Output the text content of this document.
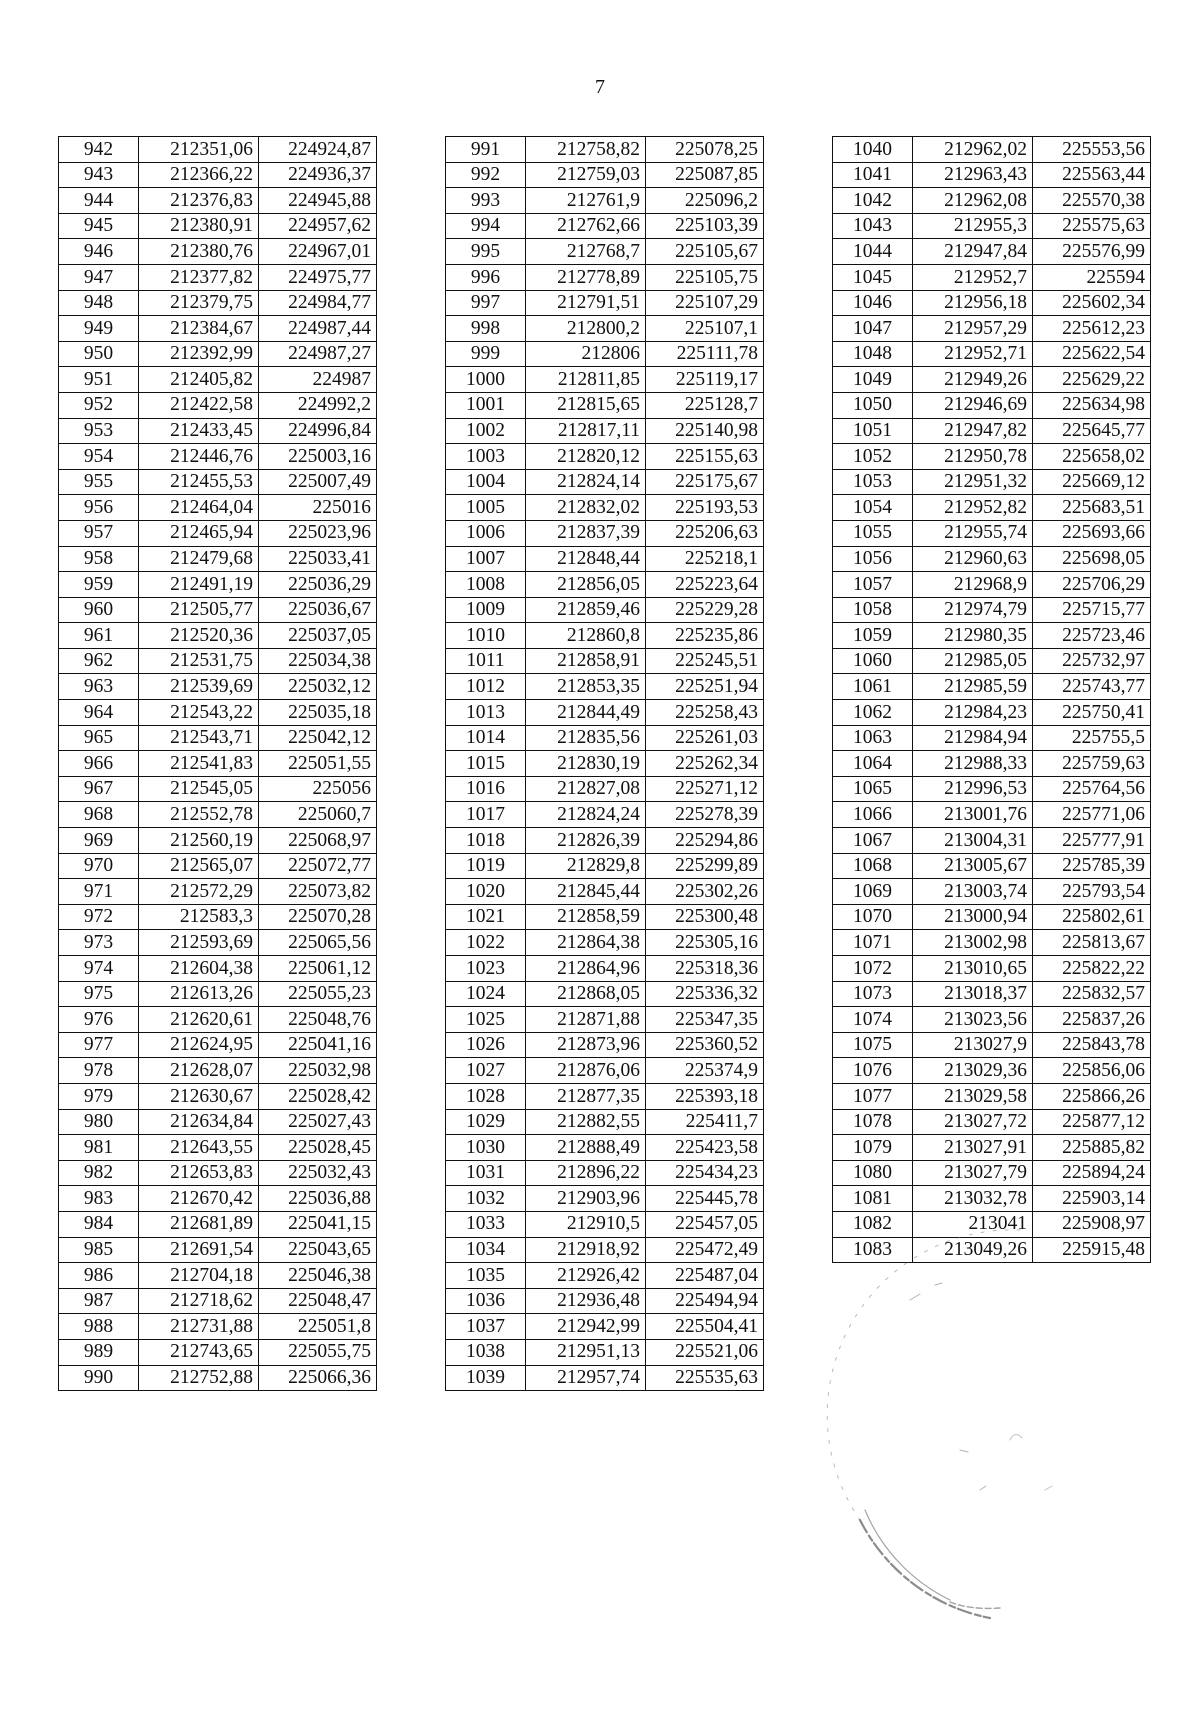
7
942	212351,06	224924,87
943	212366,22	224936,37
944	212376,83	224945,88
945	212380,91	224957,62
946	212380,76	224967,01
947	212377,82	224975,77
948	212379,75	224984,77
949	212384,67	224987,44
950	212392,99	224987,27
951	212405,82	224987
952	212422,58	224992,2
953	212433,45	224996,84
954	212446,76	225003,16
955	212455,53	225007,49
956	212464,04	225016
957	212465,94	225023,96
958	212479,68	225033,41
959	212491,19	225036,29
960	212505,77	225036,67
961	212520,36	225037,05
962	212531,75	225034,38
963	212539,69	225032,12
964	212543,22	225035,18
965	212543,71	225042,12
966	212541,83	225051,55
967	212545,05	225056
968	212552,78	225060,7
969	212560,19	225068,97
970	212565,07	225072,77
971	212572,29	225073,82
972	212583,3	225070,28
973	212593,69	225065,56
974	212604,38	225061,12
975	212613,26	225055,23
976	212620,61	225048,76
977	212624,95	225041,16
978	212628,07	225032,98
979	212630,67	225028,42
980	212634,84	225027,43
981	212643,55	225028,45
982	212653,83	225032,43
983	212670,42	225036,88
984	212681,89	225041,15
985	212691,54	225043,65
986	212704,18	225046,38
987	212718,62	225048,47
988	212731,88	225051,8
989	212743,65	225055,75
990	212752,88	225066,36
991	212758,82	225078,25
992	212759,03	225087,85
993	212761,9	225096,2
994	212762,66	225103,39
995	212768,7	225105,67
996	212778,89	225105,75
997	212791,51	225107,29
998	212800,2	225107,1
999	212806	225111,78
1000	212811,85	225119,17
1001	212815,65	225128,7
1002	212817,11	225140,98
1003	212820,12	225155,63
1004	212824,14	225175,67
1005	212832,02	225193,53
1006	212837,39	225206,63
1007	212848,44	225218,1
1008	212856,05	225223,64
1009	212859,46	225229,28
1010	212860,8	225235,86
1011	212858,91	225245,51
1012	212853,35	225251,94
1013	212844,49	225258,43
1014	212835,56	225261,03
1015	212830,19	225262,34
1016	212827,08	225271,12
1017	212824,24	225278,39
1018	212826,39	225294,86
1019	212829,8	225299,89
1020	212845,44	225302,26
1021	212858,59	225300,48
1022	212864,38	225305,16
1023	212864,96	225318,36
1024	212868,05	225336,32
1025	212871,88	225347,35
1026	212873,96	225360,52
1027	212876,06	225374,9
1028	212877,35	225393,18
1029	212882,55	225411,7
1030	212888,49	225423,58
1031	212896,22	225434,23
1032	212903,96	225445,78
1033	212910,5	225457,05
1034	212918,92	225472,49
1035	212926,42	225487,04
1036	212936,48	225494,94
1037	212942,99	225504,41
1038	212951,13	225521,06
1039	212957,74	225535,63
1040	212962,02	225553,56
1041	212963,43	225563,44
1042	212962,08	225570,38
1043	212955,3	225575,63
1044	212947,84	225576,99
1045	212952,7	225594
1046	212956,18	225602,34
1047	212957,29	225612,23
1048	212952,71	225622,54
1049	212949,26	225629,22
1050	212946,69	225634,98
1051	212947,82	225645,77
1052	212950,78	225658,02
1053	212951,32	225669,12
1054	212952,82	225683,51
1055	212955,74	225693,66
1056	212960,63	225698,05
1057	212968,9	225706,29
1058	212974,79	225715,77
1059	212980,35	225723,46
1060	212985,05	225732,97
1061	212985,59	225743,77
1062	212984,23	225750,41
1063	212984,94	225755,5
1064	212988,33	225759,63
1065	212996,53	225764,56
1066	213001,76	225771,06
1067	213004,31	225777,91
1068	213005,67	225785,39
1069	213003,74	225793,54
1070	213000,94	225802,61
1071	213002,98	225813,67
1072	213010,65	225822,22
1073	213018,37	225832,57
1074	213023,56	225837,26
1075	213027,9	225843,78
1076	213029,36	225856,06
1077	213029,58	225866,26
1078	213027,72	225877,12
1079	213027,91	225885,82
1080	213027,79	225894,24
1081	213032,78	225903,14
1082	213041	225908,97
1083	213049,26	225915,48
